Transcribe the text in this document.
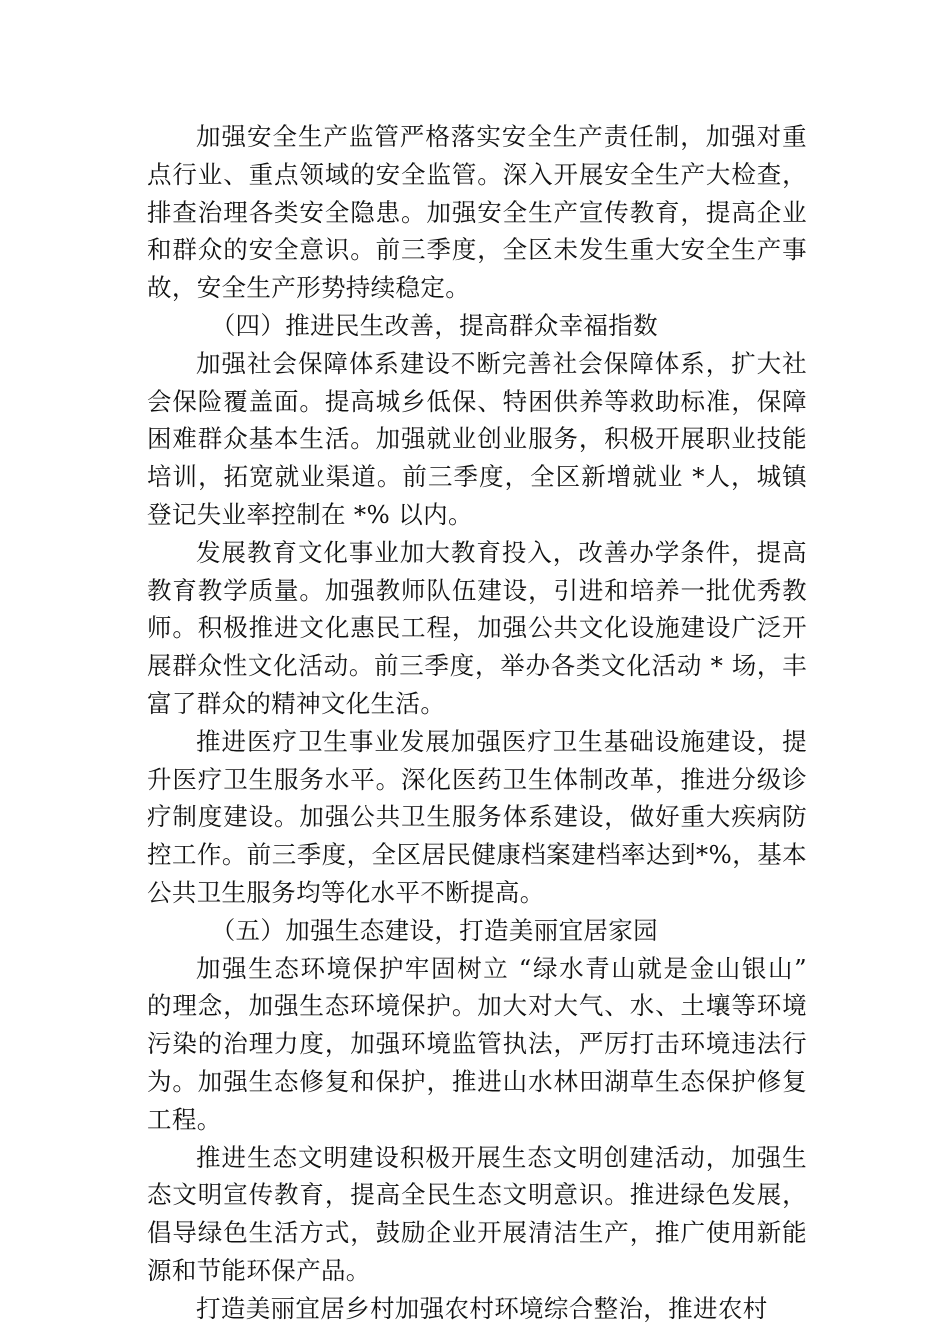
加强安全生产监管严格落实安全生产责任制，加强对重点行业、重点领域的安全监管。深入开展安全生产大检查，排查治理各类安全隐患。加强安全生产宣传教育，提高企业和群众的安全意识。前三季度，全区未发生重大安全生产事故，安全生产形势持续稳定。

（四）推进民生改善，提高群众幸福指数

加强社会保障体系建设不断完善社会保障体系，扩大社会保险覆盖面。提高城乡低保、特困供养等救助标准，保障困难群众基本生活。加强就业创业服务，积极开展职业技能培训，拓宽就业渠道。前三季度，全区新增就业 *人，城镇登记失业率控制在 *% 以内。

发展教育文化事业加大教育投入，改善办学条件，提高教育教学质量。加强教师队伍建设，引进和培养一批优秀教师。积极推进文化惠民工程，加强公共文化设施建设广泛开展群众性文化活动。前三季度，举办各类文化活动 * 场，丰富了群众的精神文化生活。

推进医疗卫生事业发展加强医疗卫生基础设施建设，提升医疗卫生服务水平。深化医药卫生体制改革，推进分级诊疗制度建设。加强公共卫生服务体系建设，做好重大疾病防控工作。前三季度，全区居民健康档案建档率达到*%，基本公共卫生服务均等化水平不断提高。

（五）加强生态建设，打造美丽宜居家园

加强生态环境保护牢固树立 “绿水青山就是金山银山” 的理念，加强生态环境保护。加大对大气、水、土壤等环境污染的治理力度，加强环境监管执法，严厉打击环境违法行为。加强生态修复和保护，推进山水林田湖草生态保护修复工程。

推进生态文明建设积极开展生态文明创建活动，加强生态文明宣传教育，提高全民生态文明意识。推进绿色发展，倡导绿色生活方式，鼓励企业开展清洁生产，推广使用新能源和节能环保产品。

打造美丽宜居乡村加强农村环境综合整治，推进农村
